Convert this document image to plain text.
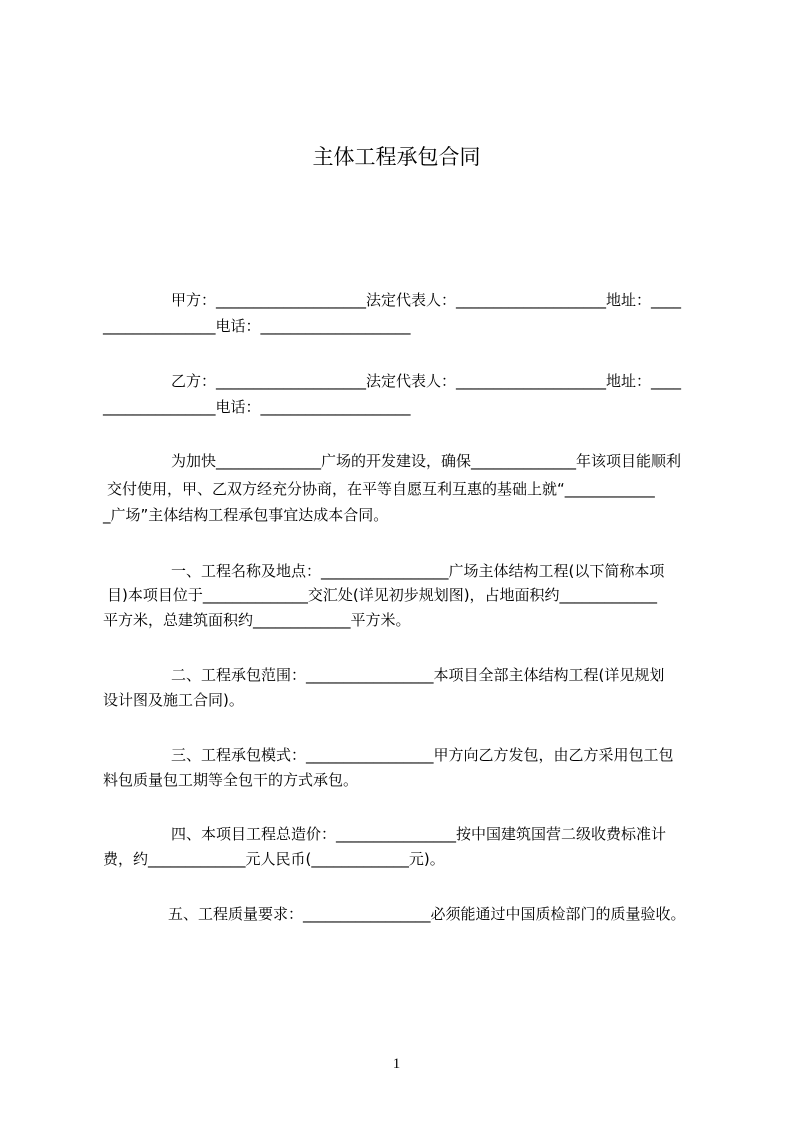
主体工程承包合同
甲方：____________________法定代表人：____________________地址：____
_______________电话：____________________
乙方：____________________法定代表人：____________________地址：____
_______________电话：____________________
为加快______________广场的开发建设，确保______________年该项目能顺利
交付使用，甲、乙双方经充分协商，在平等自愿互利互惠的基础上就“____________
_广场”主体结构工程承包事宜达成本合同。
一、工程名称及地点：_________________广场主体结构工程(以下简称本项
目)本项目位于______________交汇处(详见初步规划图)，占地面积约_____________
平方米，总建筑面积约_____________平方米。
二、工程承包范围：_________________本项目全部主体结构工程(详见规划
设计图及施工合同)。
三、工程承包模式：_________________甲方向乙方发包，由乙方采用包工包
料包质量包工期等全包干的方式承包。
四、本项目工程总造价：________________按中国建筑国营二级收费标准计
费，约_____________元人民币(_____________元)。
五、工程质量要求：_________________必须能通过中国质检部门的质量验收。
1
